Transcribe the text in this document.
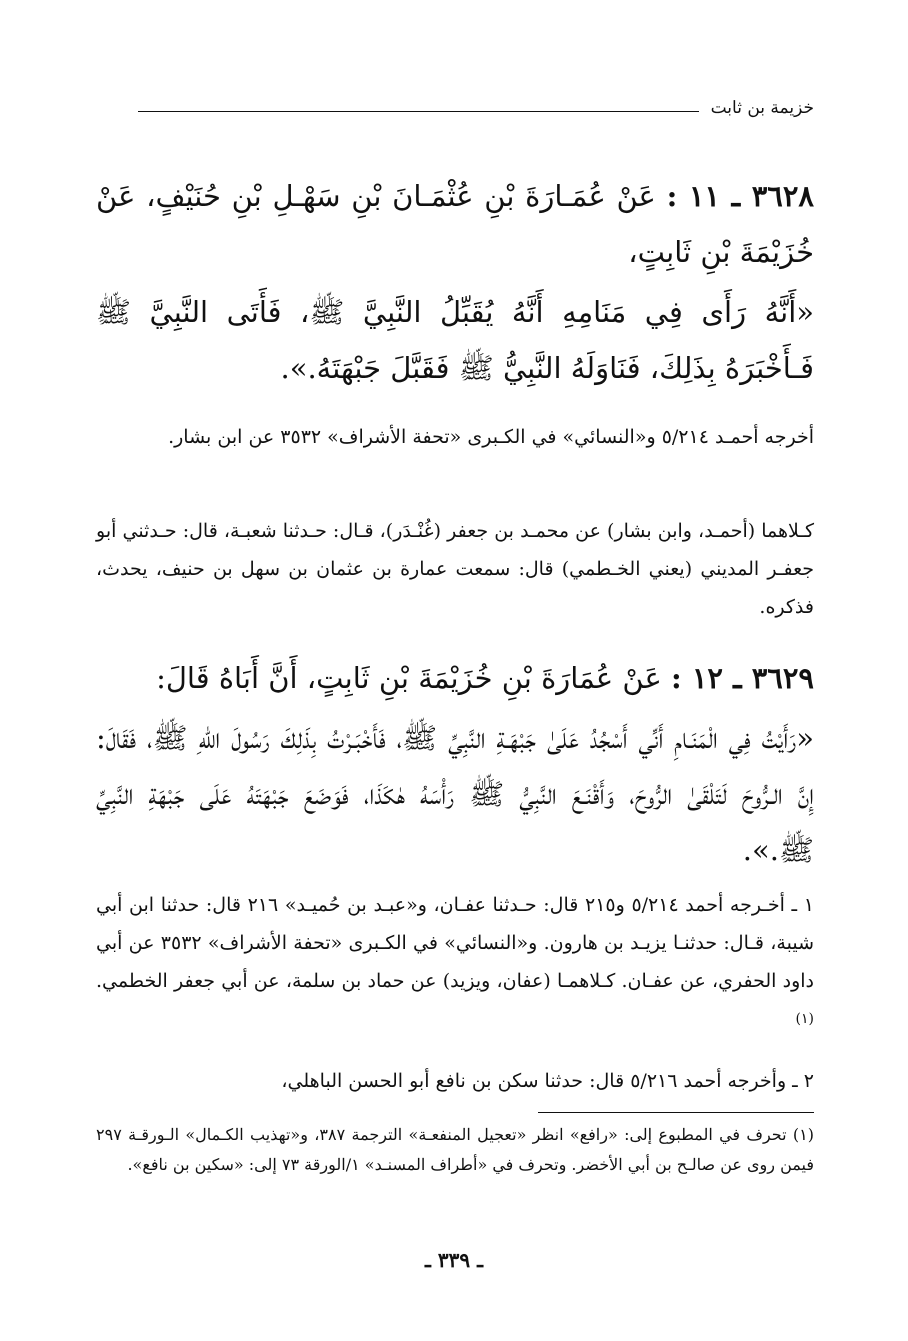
خزيمة بن ثابت
٣٦٢٨ ـ ١١ : عَنْ عُمَـارَةَ بْنِ عُثْمَـانَ بْنِ سَهْـلِ بْنِ حُنَيْفٍ، عَنْ خُزَيْمَةَ بْنِ ثَابِتٍ،

«أَنَّهُ رَأَى فِي مَنَامِهِ أَنَّهُ يُقَبِّلُ النَّبِيَّ ﷺ، فَأَتَى النَّبِيَّ ﷺ فَـأَخْبَرَهُ بِذَلِكَ، فَنَاوَلَهُ النَّبِيُّ ﷺ فَقَبَّلَ جَبْهَتَهُ.».

أخرجه أحمـد ٥/٢١٤ و«النسائي» في الكـبرى «تحفة الأشراف» ٣٥٣٢ عن ابن بشار.

كـلاهما (أحمـد، وابن بشار) عن محمـد بن جعفر (غُنْـدَر)، قـال: حـدثنا شعبـة، قال: حـدثني أبو جعفـر المديني (يعني الخـطمي) قال: سمعت عمارة بن عثمان بن سهل بن حنيف، يحدث، فذكره.

٣٦٢٩ ـ ١٢ : عَنْ عُمَارَةَ بْنِ خُزَيْمَةَ بْنِ ثَابِتٍ، أَنَّ أَبَاهُ قَالَ:

«رَأَيْتُ فِي الْمَنَـامِ أَنِّي أَسْجُدُ عَلَىٰ جَبْهَـةِ النَّبِيِّ ﷺ، فَأَخْبَـرْتُ بِذَلِكَ رَسُولَ اللهِ ﷺ، فَقَالَ: إِنَّ الـرُّوحَ لَتَلْقَىٰ الرُّوحَ، وَأَقْنَـعَ النَّبِيُّ ﷺ رَأْسَهُ هٰكَذَا، فَوَضَعَ جَبْهَتَهُ عَلَى جَبْهَةِ النَّبِيِّ ﷺ.».

١ ـ أخـرجه أحمد ٥/٢١٤ و٢١٥ قال: حـدثنا عفـان، و«عبـد بن حُميـد» ٢١٦ قال: حدثنا ابن أبي شيبة، قـال: حدثنـا يزيـد بن هارون. و«النسائي» في الكـبرى «تحفة الأشراف» ٣٥٣٢ عن أبي داود الحفري، عن عفـان. كـلاهمـا (عفان، ويزيد) عن حماد بن سلمة، عن أبي جعفر الخطمي. $^{(١)}$

٢ ـ وأخرجه أحمد ٥/٢١٦ قال: حدثنا سكن بن نافع أبو الحسن الباهلي،

(١) تحرف في المطبوع إلى: «رافع» انظر «تعجيل المنفعـة» الترجمة ٣٨٧، و«تهذيب الكـمال» الـورقـة ٢٩٧ فيمن روى عن صالـح بن أبي الأخضر. وتحرف في «أطراف المسنـد» ١/الورقة ٧٣ إلى: «سكين بن نافع».

ـ ٣٣٩ ـ
